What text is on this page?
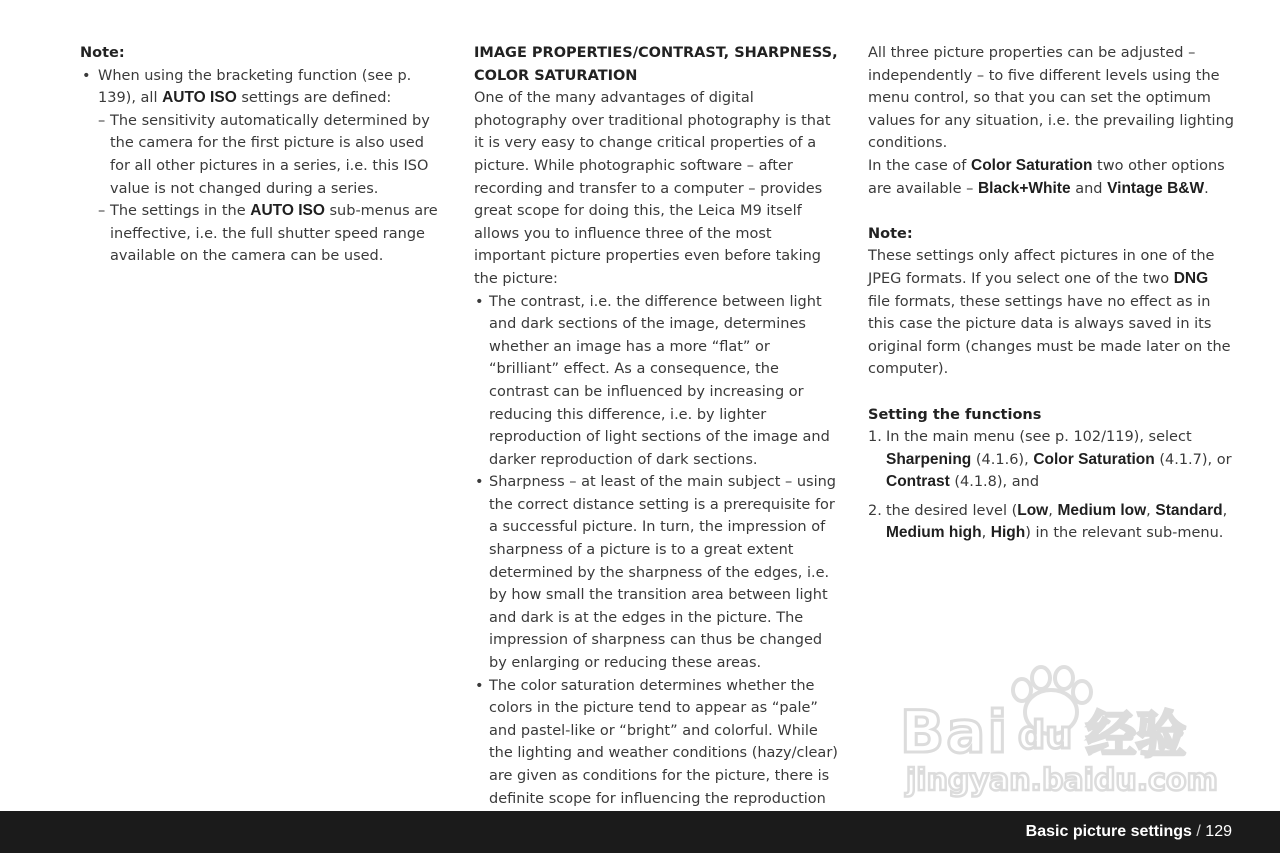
Note:

• When using the bracketing function (see p. 139), all AUTO ISO settings are defined:
– The sensitivity automatically determined by the camera for the first picture is also used for all other pictures in a series, i.e. this ISO value is not changed during a series.
– The settings in the AUTO ISO sub-menus are ineffective, i.e. the full shutter speed range available on the camera can be used.

IMAGE PROPERTIES/CONTRAST, SHARPNESS, COLOR SATURATION

One of the many advantages of digital photography over traditional photography is that it is very easy to change critical properties of a picture. While photographic software – after recording and transfer to a computer – provides great scope for doing this, the Leica M9 itself allows you to influence three of the most important picture properties even before taking the picture:

• The contrast, i.e. the difference between light and dark sections of the image, determines whether an image has a more “flat” or “brilliant” effect. As a consequence, the contrast can be influenced by increasing or reducing this difference, i.e. by lighter reproduction of light sections of the image and darker reproduction of dark sections.
• Sharpness – at least of the main subject – using the correct distance setting is a prerequisite for a successful picture. In turn, the impression of sharpness of a picture is to a great extent determined by the sharpness of the edges, i.e. by how small the transition area between light and dark is at the edges in the picture. The impression of sharpness can thus be changed by enlarging or reducing these areas.
• The color saturation determines whether the colors in the picture tend to appear as “pale” and pastel-like or “bright” and colorful. While the lighting and weather conditions (hazy/clear) are given as conditions for the picture, there is definite scope for influencing the reproduction

All three picture properties can be adjusted – independently – to five different levels using the menu control, so that you can set the optimum values for any situation, i.e. the prevailing lighting conditions.

In the case of Color Saturation two other options are available – Black+White and Vintage B&W.

Note:

These settings only affect pictures in one of the JPEG formats. If you select one of the two DNG file formats, these settings have no effect as in this case the picture data is always saved in its original form (changes must be made later on the computer).

Setting the functions

1. In the main menu (see p. 102/119), select Sharpening (4.1.6), Color Saturation (4.1.7), or Contrast (4.1.8), and
2. the desired level (Low, Medium low, Standard, Medium high, High) in the relevant sub-menu.
Bai du 经验
jingyan.baidu.com
Basic picture settings / 129
